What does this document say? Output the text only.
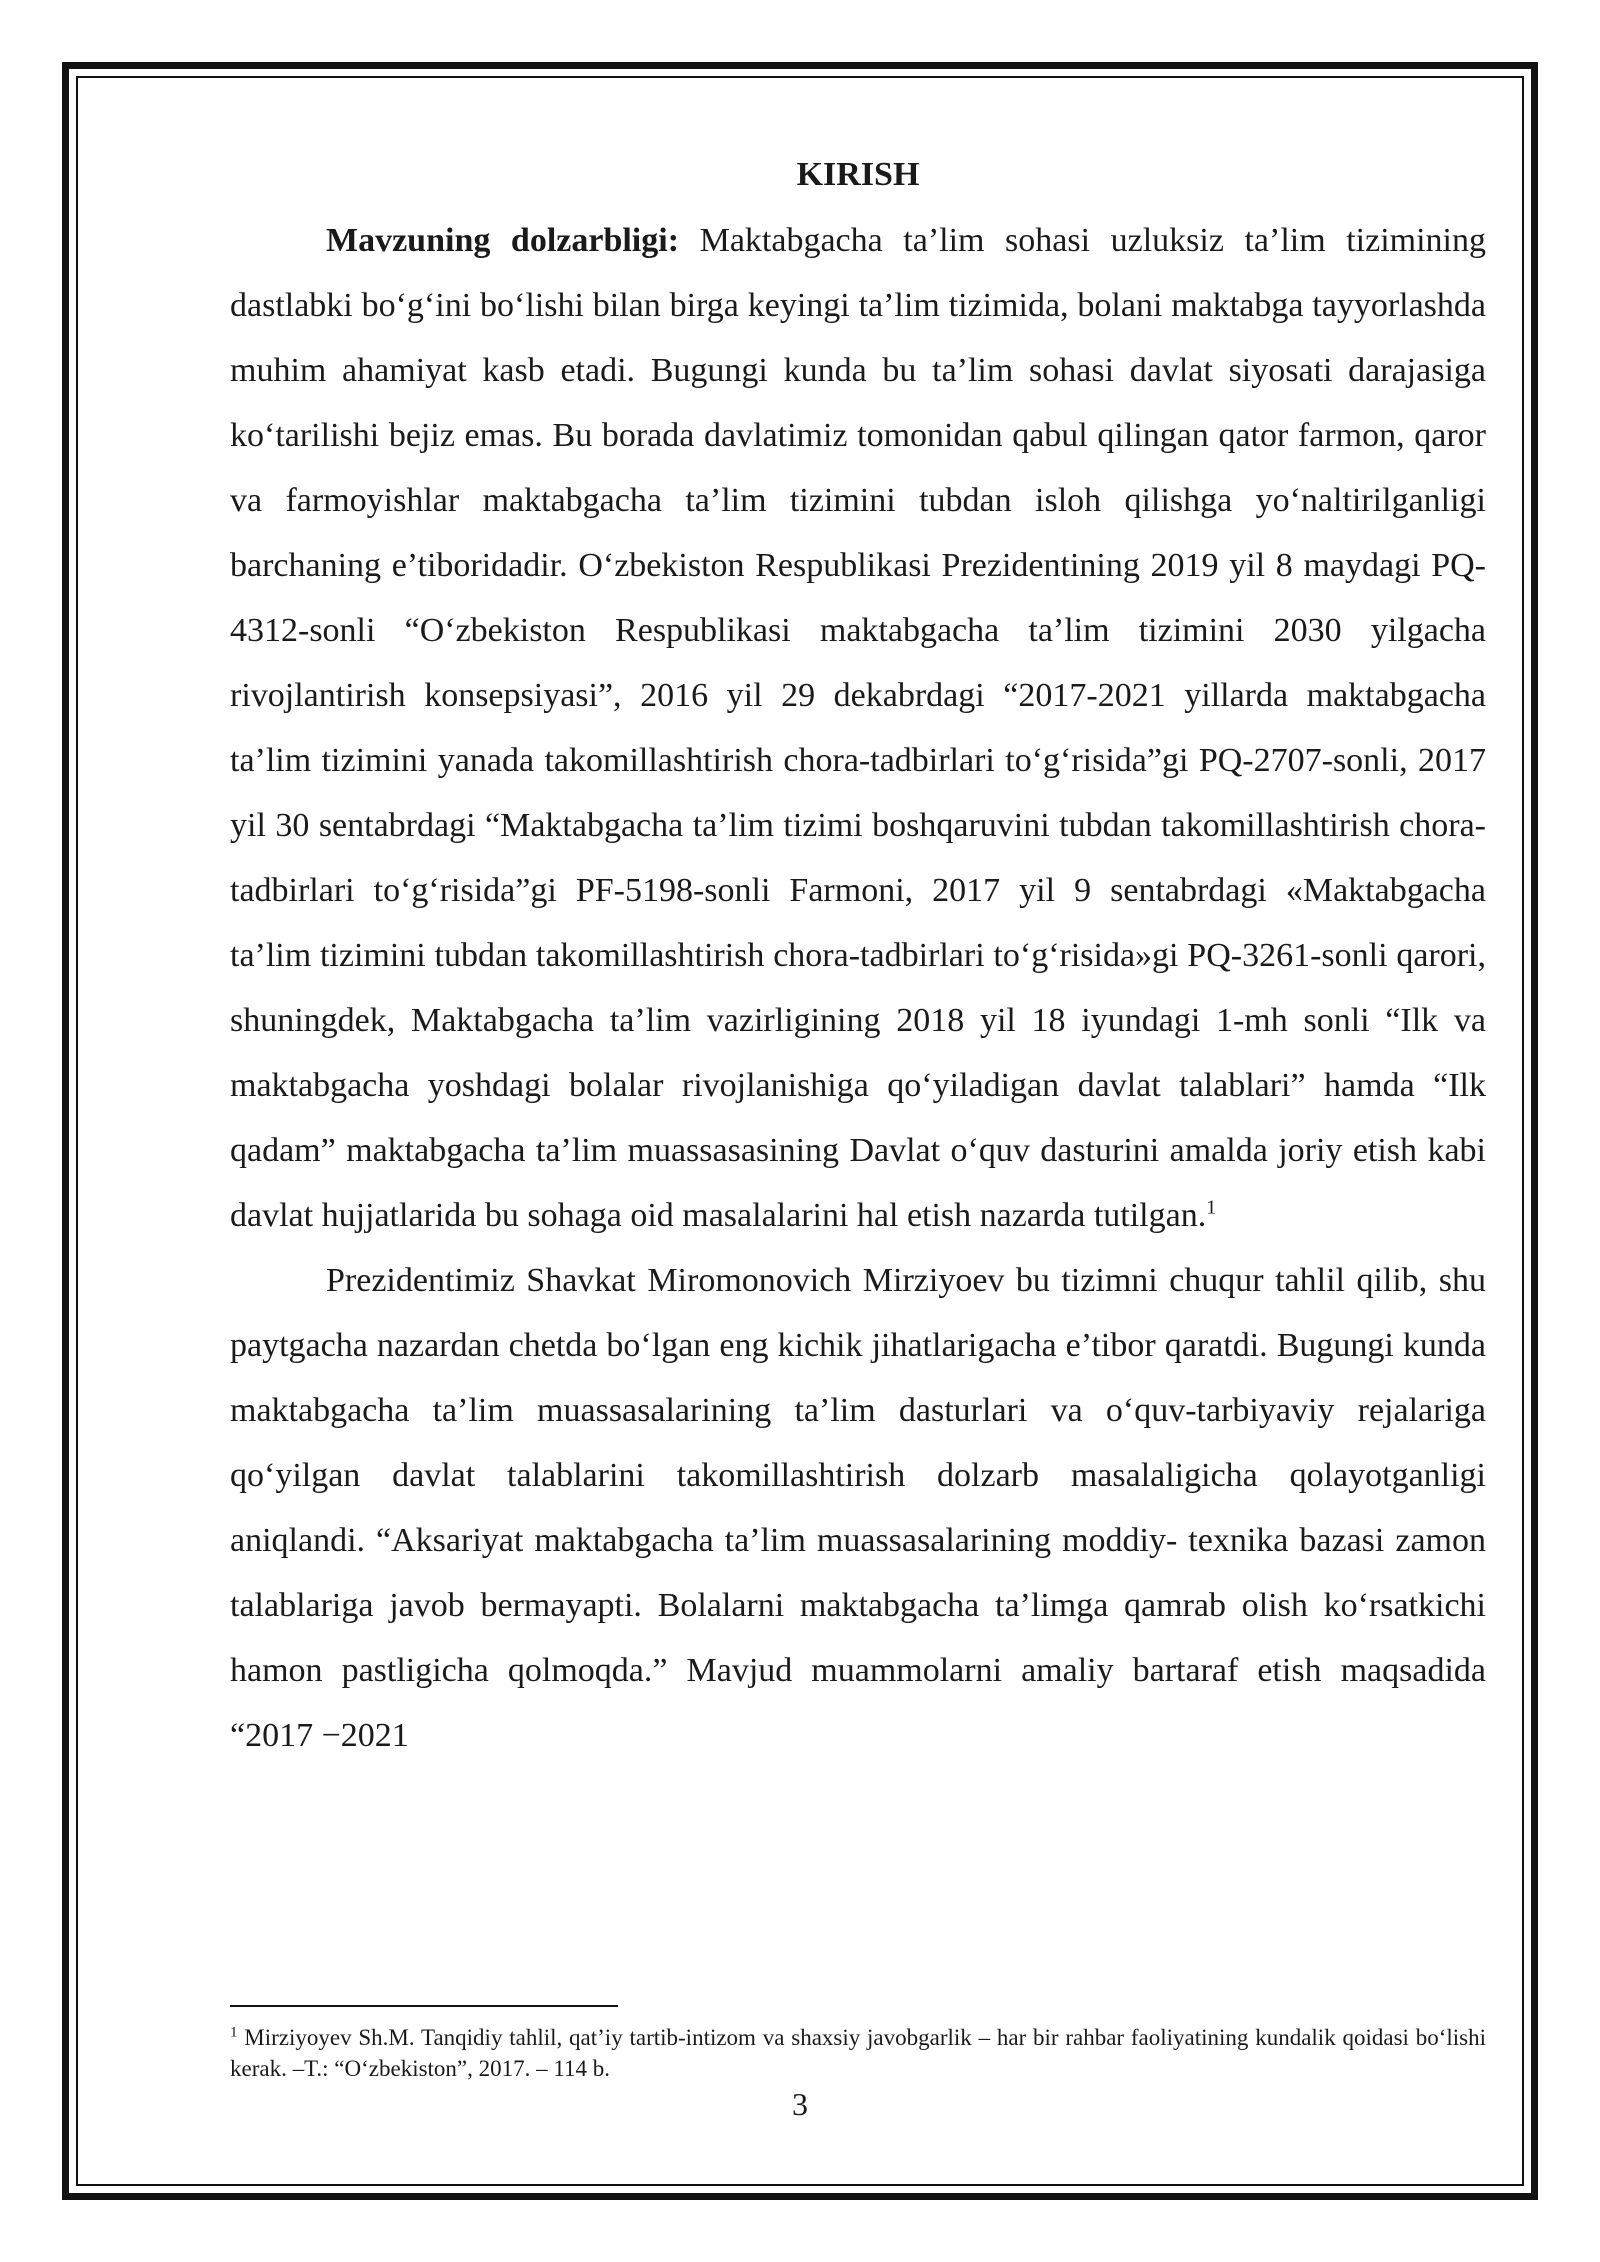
KIRISH

Mavzuning dolzarbligi: Maktabgacha ta’lim sohasi uzluksiz ta’lim tizimining dastlabki bo‘g‘ini bo‘lishi bilan birga keyingi ta’lim tizimida, bolani maktabga tayyorlashda muhim ahamiyat kasb etadi. Bugungi kunda bu ta’lim sohasi davlat siyosati darajasiga ko‘tarilishi bejiz emas. Bu borada davlatimiz tomonidan qabul qilingan qator farmon, qaror va farmoyishlar maktabgacha ta’lim tizimini tubdan isloh qilishga yo‘naltirilganligi barchaning e’tiboridadir. O‘zbekiston Respublikasi Prezidentining 2019 yil 8 maydagi PQ-4312-sonli “O‘zbekiston Respublikasi maktabgacha ta’lim tizimini 2030 yilgacha rivojlantirish konsepsiyasi”, 2016 yil 29 dekabrdagi “2017-2021 yillarda maktabgacha ta’lim tizimini yanada takomillashtirish chora-tadbirlari to‘g‘risida”gi PQ-2707-sonli, 2017 yil 30 sentabrdagi “Maktabgacha ta’lim tizimi boshqaruvini tubdan takomillashtirish chora-tadbirlari to‘g‘risida”gi PF-5198-sonli Farmoni, 2017 yil 9 sentabrdagi «Maktabgacha ta’lim tizimini tubdan takomillashtirish chora-tadbirlari to‘g‘risida»gi PQ-3261-sonli qarori, shuningdek, Maktabgacha ta’lim vazirligining 2018 yil 18 iyundagi 1-mh sonli “Ilk va maktabgacha yoshdagi bolalar rivojlanishiga qo‘yiladigan davlat talablari” hamda “Ilk qadam” maktabgacha ta’lim muassasasining Davlat o‘quv dasturini amalda joriy etish kabi davlat hujjatlarida bu sohaga oid masalalarini hal etish nazarda tutilgan.$^1$

Prezidentimiz Shavkat Miromonovich Mirziyoev bu tizimni chuqur tahlil qilib, shu paytgacha nazardan chetda bo‘lgan eng kichik jihatlarigacha e’tibor qaratdi. Bugungi kunda maktabgacha ta’lim muassasalarining ta’lim dasturlari va o‘quv-tarbiyaviy rejalariga qo‘yilgan davlat talablarini takomillashtirish dolzarb masalaligicha qolayotganligi aniqlandi. “Aksariyat maktabgacha ta’lim muassasalarining moddiy- texnika bazasi zamon talablariga javob bermayapti. Bolalarni maktabgacha ta’limga qamrab olish ko‘rsatkichi hamon pastligicha qolmoqda.” Mavjud muammolarni amaliy bartaraf etish maqsadida “2017 −2021

$^1$ Mirziyoyev Sh.M. Tanqidiy tahlil, qat’iy tartib-intizom va shaxsiy javobgarlik – har bir rahbar faoliyatining kundalik qoidasi bo‘lishi kerak. –T.: “O‘zbekiston”, 2017. – 114 b.

3
